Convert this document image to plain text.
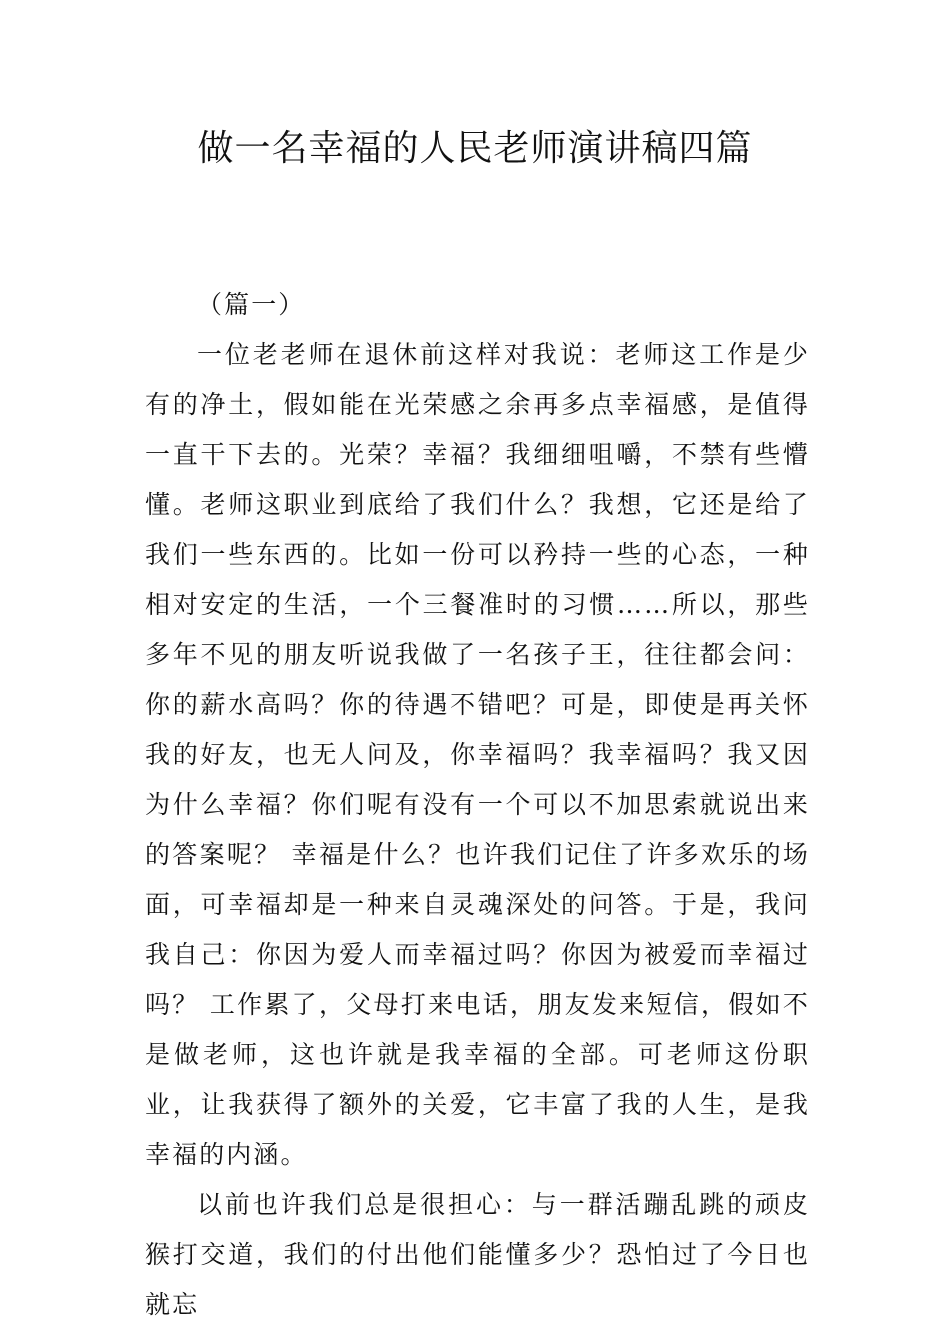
做一名幸福的人民老师演讲稿四篇

（篇一）

一位老老师在退休前这样对我说：老师这工作是少有的净土，假如能在光荣感之余再多点幸福感，是值得一直干下去的。光荣？幸福？我细细咀嚼，不禁有些懵懂。老师这职业到底给了我们什么？我想，它还是给了我们一些东西的。比如一份可以矜持一些的心态，一种相对安定的生活，一个三餐准时的习惯……所以，那些多年不见的朋友听说我做了一名孩子王，往往都会问：你的薪水高吗？你的待遇不错吧？可是，即使是再关怀我的好友，也无人问及，你幸福吗？我幸福吗？我又因为什么幸福？你们呢有没有一个可以不加思索就说出来的答案呢？ 幸福是什么？也许我们记住了许多欢乐的场面，可幸福却是一种来自灵魂深处的问答。于是，我问我自己：你因为爱人而幸福过吗？你因为被爱而幸福过吗？ 工作累了，父母打来电话，朋友发来短信，假如不是做老师，这也许就是我幸福的全部。可老师这份职业，让我获得了额外的关爱，它丰富了我的人生，是我幸福的内涵。

以前也许我们总是很担心：与一群活蹦乱跳的顽皮猴打交道，我们的付出他们能懂多少？恐怕过了今日也就忘
